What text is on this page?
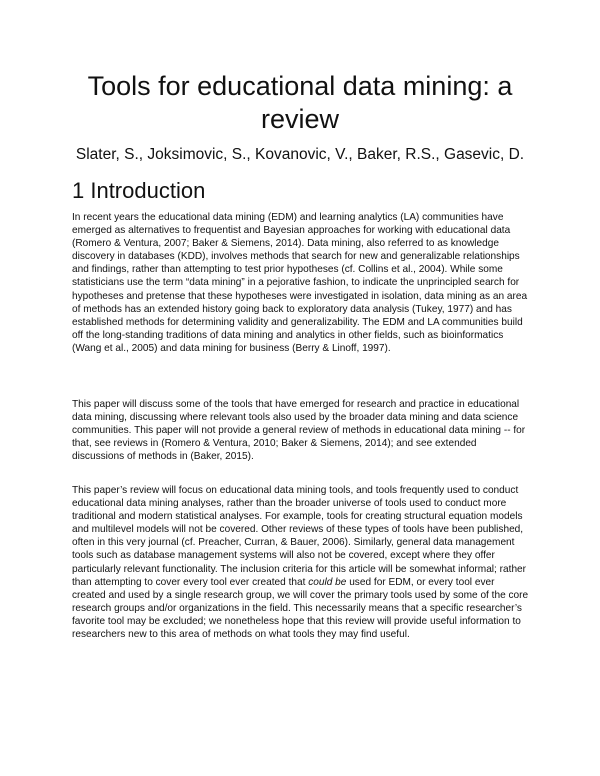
Tools for educational data mining: a review

Slater, S., Joksimovic, S., Kovanovic, V., Baker, R.S., Gasevic, D.

1 Introduction

In recent years the educational data mining (EDM) and learning analytics (LA) communities have emerged as alternatives to frequentist and Bayesian approaches for working with educational data (Romero & Ventura, 2007; Baker & Siemens, 2014). Data mining, also referred to as knowledge discovery in databases (KDD), involves methods that search for new and generalizable relationships and findings, rather than attempting to test prior hypotheses (cf. Collins et al., 2004). While some statisticians use the term “data mining” in a pejorative fashion, to indicate the unprincipled search for hypotheses and pretense that these hypotheses were investigated in isolation, data mining as an area of methods has an extended history going back to exploratory data analysis (Tukey, 1977) and has established methods for determining validity and generalizability. The EDM and LA communities build off the long-standing traditions of data mining and analytics in other fields, such as bioinformatics (Wang et al., 2005) and data mining for business (Berry & Linoff, 1997).

This paper will discuss some of the tools that have emerged for research and practice in educational data mining, discussing where relevant tools also used by the broader data mining and data science communities. This paper will not provide a general review of methods in educational data mining -- for that, see reviews in (Romero & Ventura, 2010; Baker & Siemens, 2014); and see extended discussions of methods in (Baker, 2015).

This paper’s review will focus on educational data mining tools, and tools frequently used to conduct educational data mining analyses, rather than the broader universe of tools used to conduct more traditional and modern statistical analyses. For example, tools for creating structural equation models and multilevel models will not be covered. Other reviews of these types of tools have been published, often in this very journal (cf. Preacher, Curran, & Bauer, 2006). Similarly, general data management tools such as database management systems will also not be covered, except where they offer particularly relevant functionality. The inclusion criteria for this article will be somewhat informal; rather than attempting to cover every tool ever created that could be used for EDM, or every tool ever created and used by a single research group, we will cover the primary tools used by some of the core research groups and/or organizations in the field. This necessarily means that a specific researcher’s favorite tool may be excluded; we nonetheless hope that this review will provide useful information to researchers new to this area of methods on what tools they may find useful.
